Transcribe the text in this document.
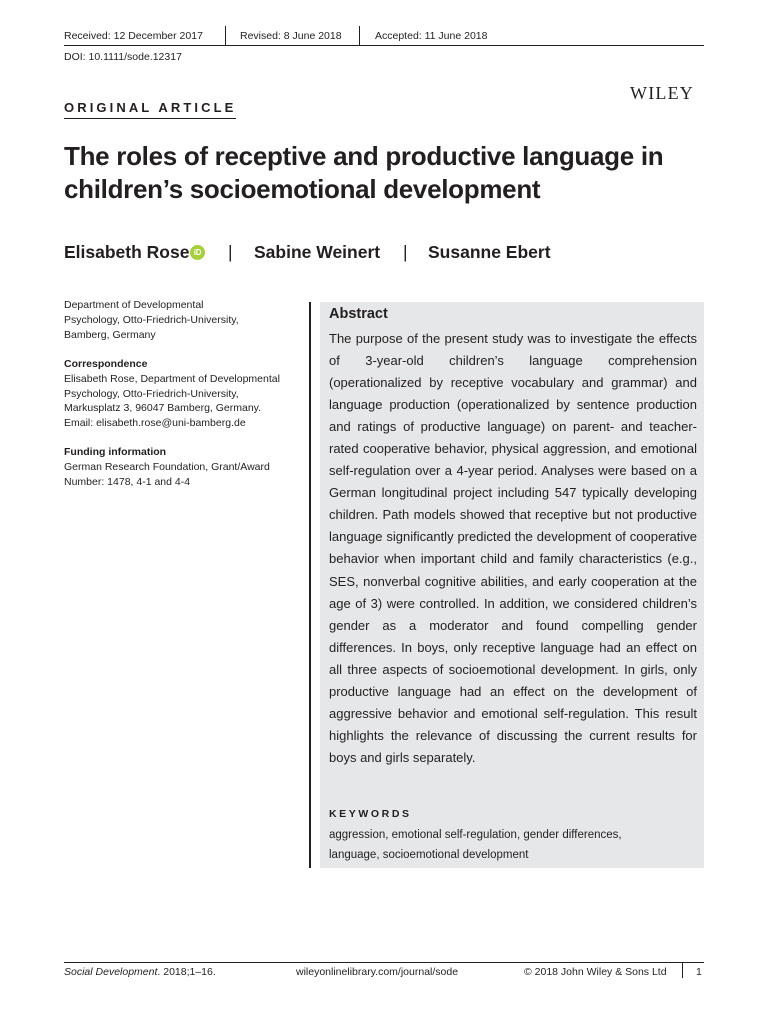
Received: 12 December 2017	Revised: 8 June 2018	Accepted: 11 June 2018
DOI: 10.1111/sode.12317
ORIGINAL ARTICLE
WILEY
The roles of receptive and productive language in
children’s socioemotional development
Elisabeth Rose iD | Sabine Weinert | Susanne Ebert
Department of Developmental
Psychology, Otto-Friedrich-University,
Bamberg, Germany
Correspondence
Elisabeth Rose, Department of Developmental
Psychology, Otto-Friedrich-University,
Markusplatz 3, 96047 Bamberg, Germany.
Email: elisabeth.rose@uni-bamberg.de
Funding information
German Research Foundation, Grant/Award
Number: 1478, 4-1 and 4-4
Abstract

The purpose of the present study was to investigate the effects of 3-year-old children’s language comprehension (operationalized by receptive vocabulary and grammar) and language production (operationalized by sentence production and ratings of productive language) on parent- and teacher-rated cooperative behavior, physical aggression, and emotional self-regulation over a 4-year period. Analyses were based on a German longitudinal project including 547 typically developing children. Path models showed that receptive but not productive language significantly predicted the development of cooperative behavior when important child and family characteristics (e.g., SES, nonverbal cognitive abilities, and early cooperation at the age of 3) were controlled. In addition, we considered children’s gender as a moderator and found compelling gender differences. In boys, only receptive language had an effect on all three aspects of socioemotional development. In girls, only productive language had an effect on the development of aggressive behavior and emotional self-regulation. This result highlights the relevance of discussing the current results for boys and girls separately.

KEYWORDS
aggression, emotional self-regulation, gender differences,
language, socioemotional development
Social Development. 2018;1–16.	wileyonlinelibrary.com/journal/sode	© 2018 John Wiley & Sons Ltd	1
